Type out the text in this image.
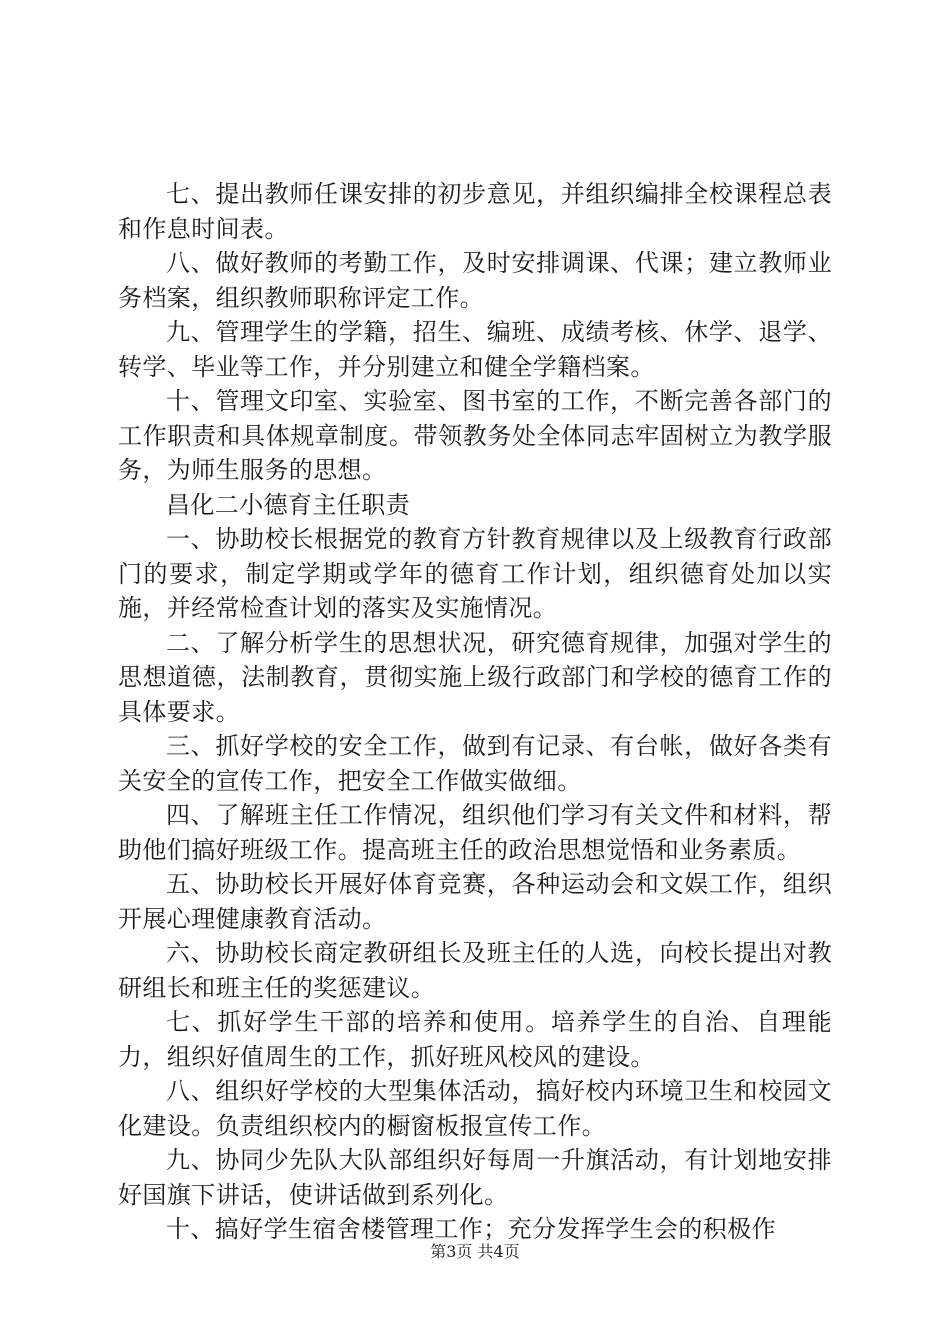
七、提出教师任课安排的初步意见，并组织编排全校课程总表和作息时间表。

八、做好教师的考勤工作，及时安排调课、代课；建立教师业务档案，组织教师职称评定工作。

九、管理学生的学籍，招生、编班、成绩考核、休学、退学、转学、毕业等工作，并分别建立和健全学籍档案。

十、管理文印室、实验室、图书室的工作，不断完善各部门的工作职责和具体规章制度。带领教务处全体同志牢固树立为教学服务，为师生服务的思想。

昌化二小德育主任职责

一、协助校长根据党的教育方针教育规律以及上级教育行政部门的要求，制定学期或学年的德育工作计划，组织德育处加以实施，并经常检查计划的落实及实施情况。

二、了解分析学生的思想状况，研究德育规律，加强对学生的思想道德，法制教育，贯彻实施上级行政部门和学校的德育工作的具体要求。

三、抓好学校的安全工作，做到有记录、有台帐，做好各类有关安全的宣传工作，把安全工作做实做细。

四、了解班主任工作情况，组织他们学习有关文件和材料，帮助他们搞好班级工作。提高班主任的政治思想觉悟和业务素质。

五、协助校长开展好体育竞赛，各种运动会和文娱工作，组织开展心理健康教育活动。

六、协助校长商定教研组长及班主任的人选，向校长提出对教研组长和班主任的奖惩建议。

七、抓好学生干部的培养和使用。培养学生的自治、自理能力，组织好值周生的工作，抓好班风校风的建设。

八、组织好学校的大型集体活动，搞好校内环境卫生和校园文化建设。负责组织校内的橱窗板报宣传工作。

九、协同少先队大队部组织好每周一升旗活动，有计划地安排好国旗下讲话，使讲话做到系列化。

十、搞好学生宿舍楼管理工作；充分发挥学生会的积极作

第3页 共4页
